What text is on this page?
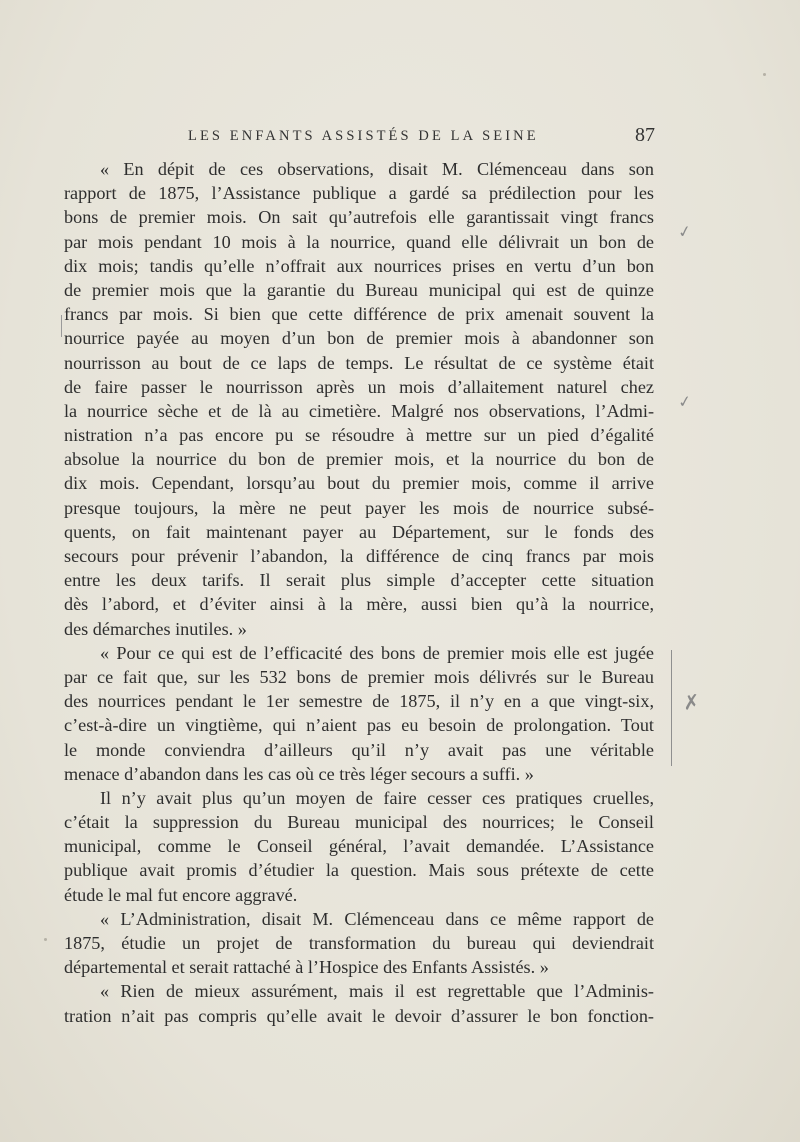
LES ENFANTS ASSISTÉS DE LA SEINE	87
« En dépit de ces observations, disait M. Clémenceau dans son
rapport de 1875, l’Assistance publique a gardé sa prédilection pour les
bons de premier mois. On sait qu’autrefois elle garantissait vingt francs
par mois pendant 10 mois à la nourrice, quand elle délivrait un bon de
dix mois; tandis qu’elle n’offrait aux nourrices prises en vertu d’un bon
de premier mois que la garantie du Bureau municipal qui est de quinze
francs par mois. Si bien que cette différence de prix amenait souvent la
nourrice payée au moyen d’un bon de premier mois à abandonner son
nourrisson au bout de ce laps de temps. Le résultat de ce système était
de faire passer le nourrisson après un mois d’allaitement naturel chez
la nourrice sèche et de là au cimetière. Malgré nos observations, l’Admi-
nistration n’a pas encore pu se résoudre à mettre sur un pied d’égalité
absolue la nourrice du bon de premier mois, et la nourrice du bon de
dix mois. Cependant, lorsqu’au bout du premier mois, comme il arrive
presque toujours, la mère ne peut payer les mois de nourrice subsé-
quents, on fait maintenant payer au Département, sur le fonds des
secours pour prévenir l’abandon, la différence de cinq francs par mois
entre les deux tarifs. Il serait plus simple d’accepter cette situation
dès l’abord, et d’éviter ainsi à la mère, aussi bien qu’à la nourrice,
des démarches inutiles. »
« Pour ce qui est de l’efficacité des bons de premier mois elle est jugée
par ce fait que, sur les 532 bons de premier mois délivrés sur le Bureau
des nourrices pendant le 1er semestre de 1875, il n’y en a que vingt-six,
c’est-à-dire un vingtième, qui n’aient pas eu besoin de prolongation. Tout
le monde conviendra d’ailleurs qu’il n’y avait pas une véritable
menace d’abandon dans les cas où ce très léger secours a suffi. »
Il n’y avait plus qu’un moyen de faire cesser ces pratiques cruelles,
c’était la suppression du Bureau municipal des nourrices; le Conseil
municipal, comme le Conseil général, l’avait demandée. L’Assistance
publique avait promis d’étudier la question. Mais sous prétexte de cette
étude le mal fut encore aggravé.
« L’Administration, disait M. Clémenceau dans ce même rapport de
1875, étudie un projet de transformation du bureau qui deviendrait
départemental et serait rattaché à l’Hospice des Enfants Assistés. »
« Rien de mieux assurément, mais il est regrettable que l’Adminis-
tration n’ait pas compris qu’elle avait le devoir d’assurer le bon fonction-
✓
✓
✗
